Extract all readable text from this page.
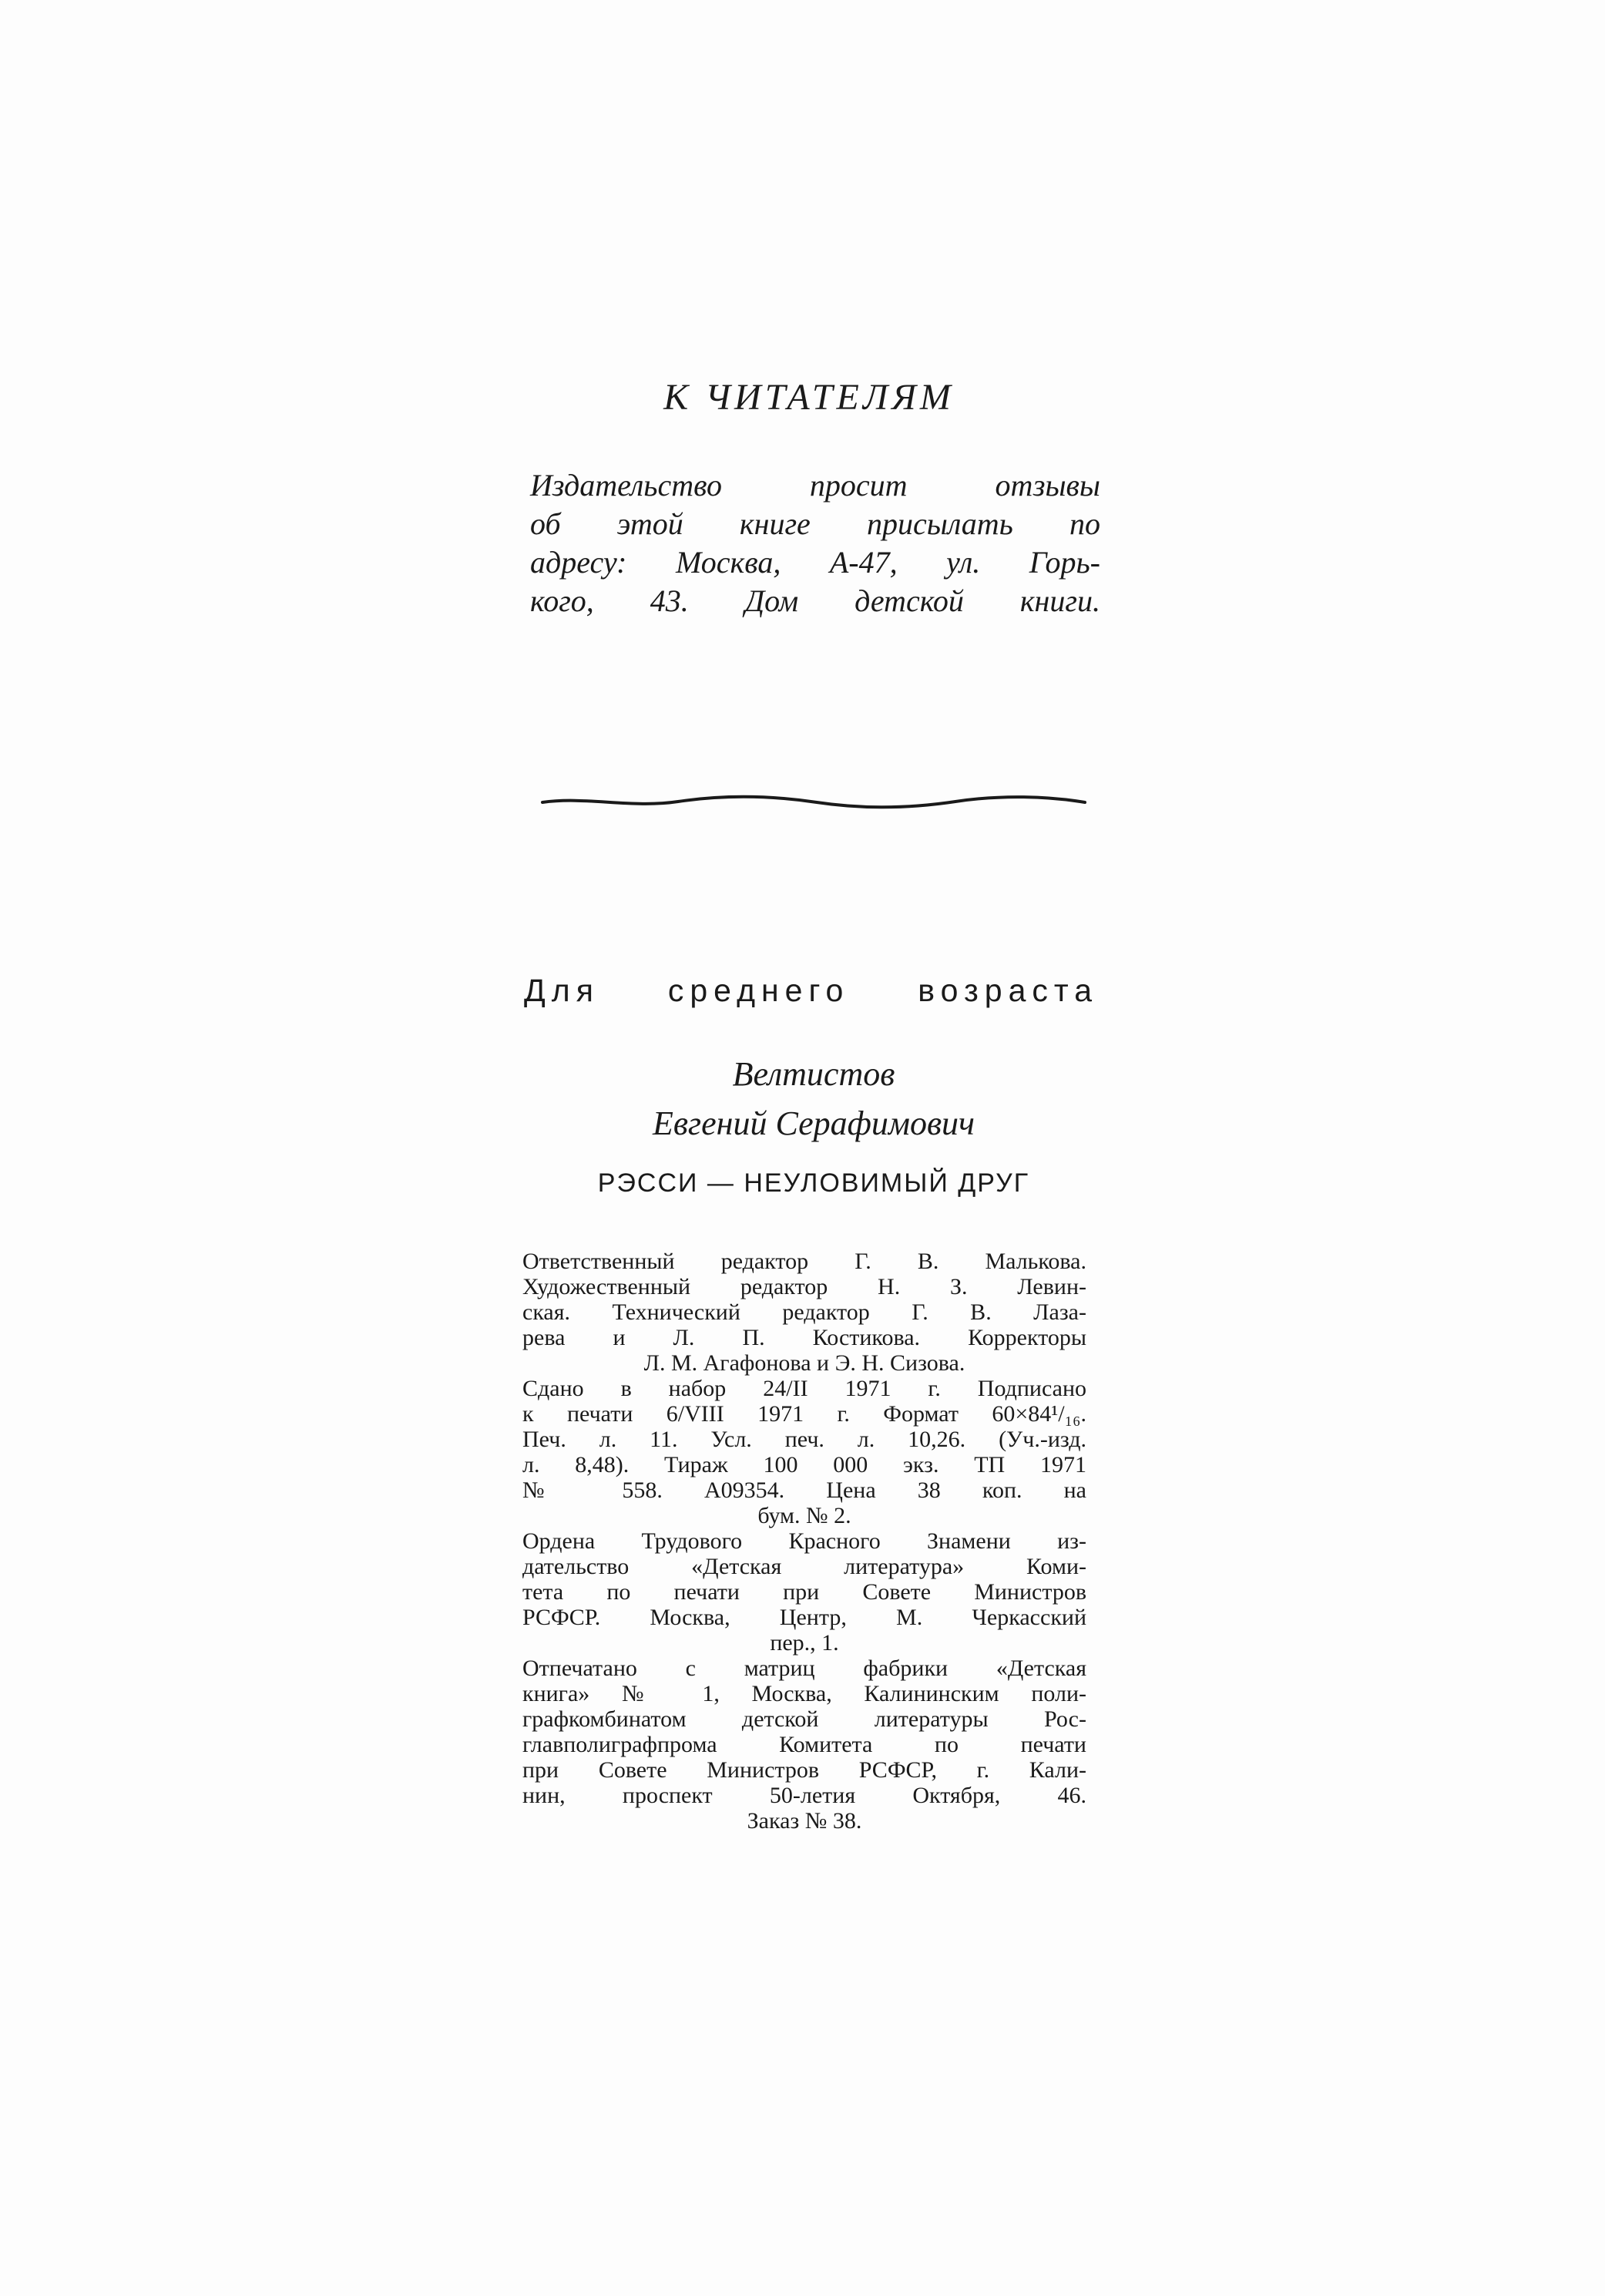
К ЧИТАТЕЛЯМ
Издательство просит отзывы
об этой книге присылать по
адресу: Москва, А-47, ул. Горь-
кого, 43. Дом детской книги.
Для среднего возраста
Велтистов
Евгений Серафимович
РЭССИ — НЕУЛОВИМЫЙ ДРУГ
Ответственный редактор Г. В. Малькова.
Художественный редактор Н. З. Левин-
ская. Технический редактор Г. В. Лаза-
рева и Л. П. Костикова. Корректоры
Л. М. Агафонова и Э. Н. Сизова.
Сдано в набор 24/II 1971 г. Подписано
к печати 6/VIII 1971 г. Формат 60×84¹/₁₆.
Печ. л. 11. Усл. печ. л. 10,26. (Уч.-изд.
л. 8,48). Тираж 100 000 экз. ТП 1971
№ 558. А09354. Цена 38 коп. на
бум. № 2.
Ордена Трудового Красного Знамени из-
дательство «Детская литература» Коми-
тета по печати при Совете Министров
РСФСР. Москва, Центр, М. Черкасский
пер., 1.
Отпечатано с матриц фабрики «Детская
книга» № 1, Москва, Калининским поли-
графкомбинатом детской литературы Рос-
главполиграфпрома Комитета по печати
при Совете Министров РСФСР, г. Кали-
нин, проспект 50-летия Октября, 46.
Заказ № 38.
